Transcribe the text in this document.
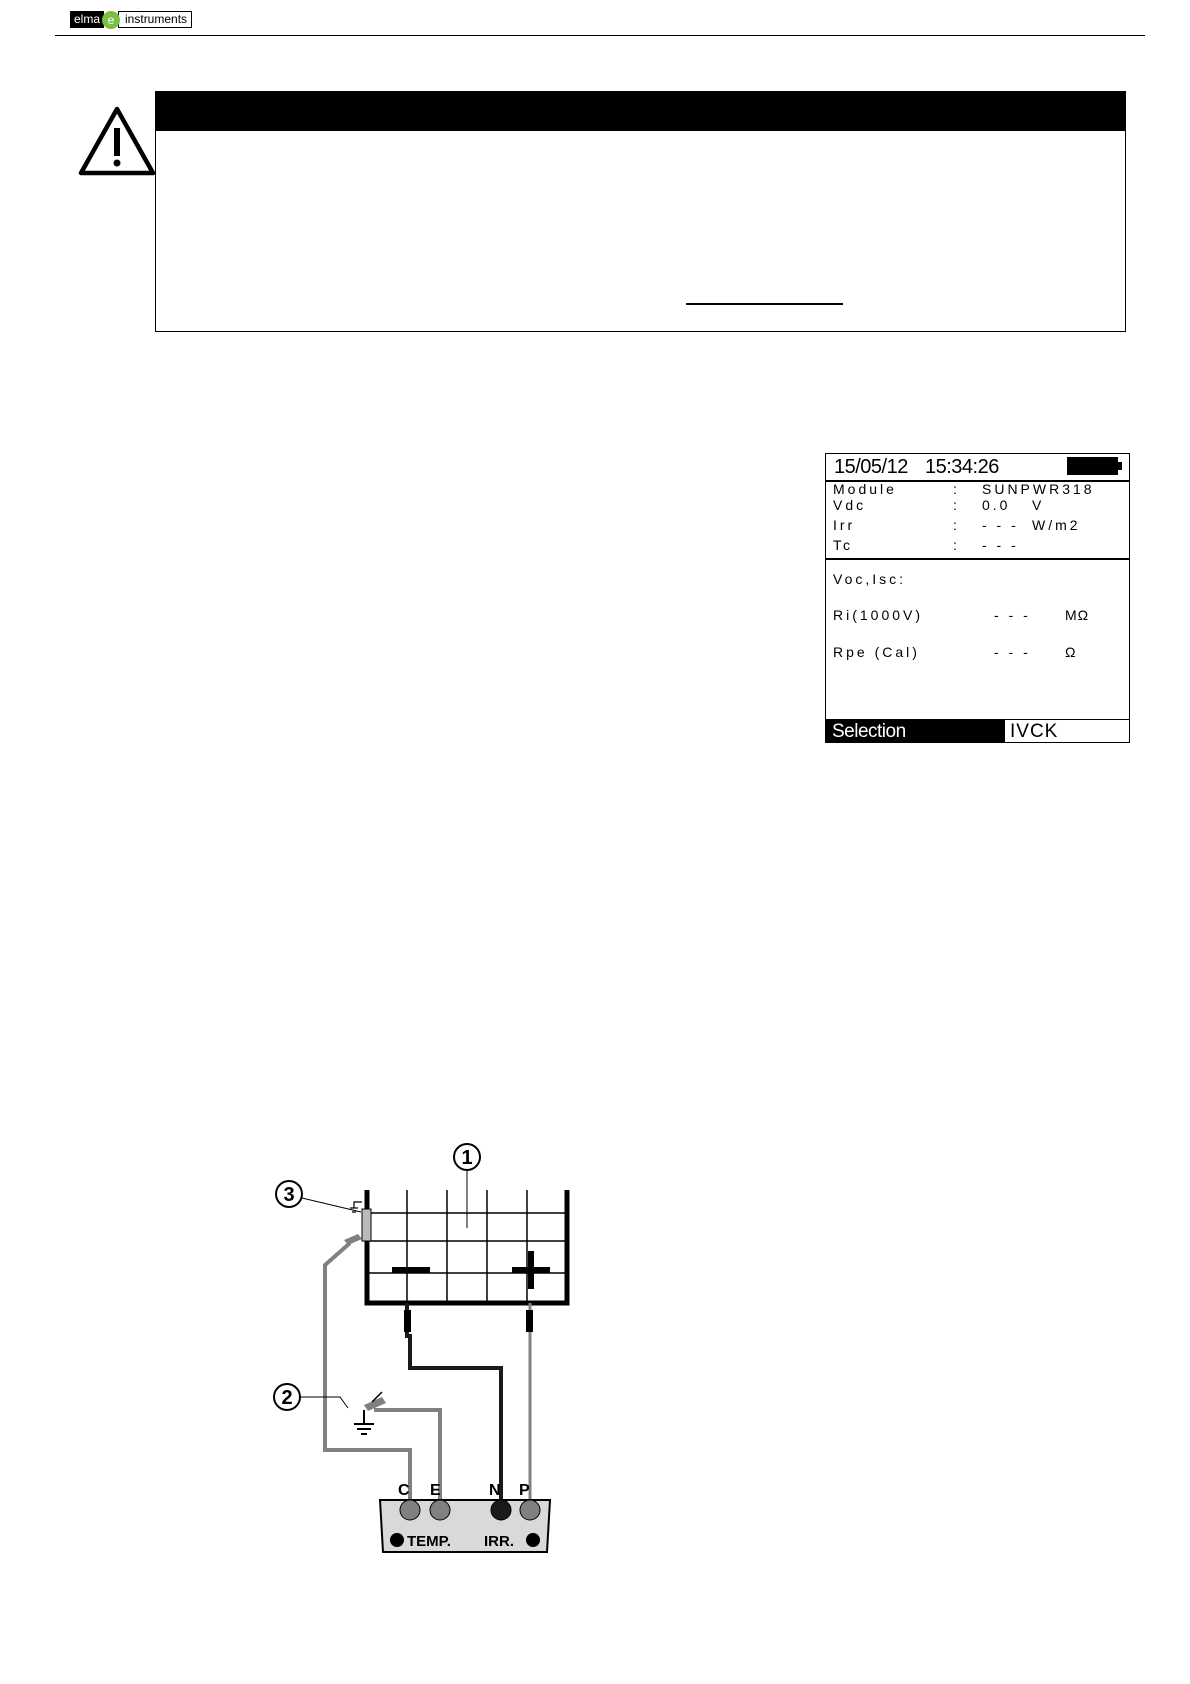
elma e instruments
15/05/12 15:34:26
Module	: SUNPWR318
Vdc	: 0.0 V
Irr	: - - - W/m2
Tc	: - - -
Voc,Isc:
Ri(1000V)	- - - MΩ
Rpe (Cal)	- - - Ω
Selection	IVCK
1
3
2
C E	N P
TEMP. IRR.
